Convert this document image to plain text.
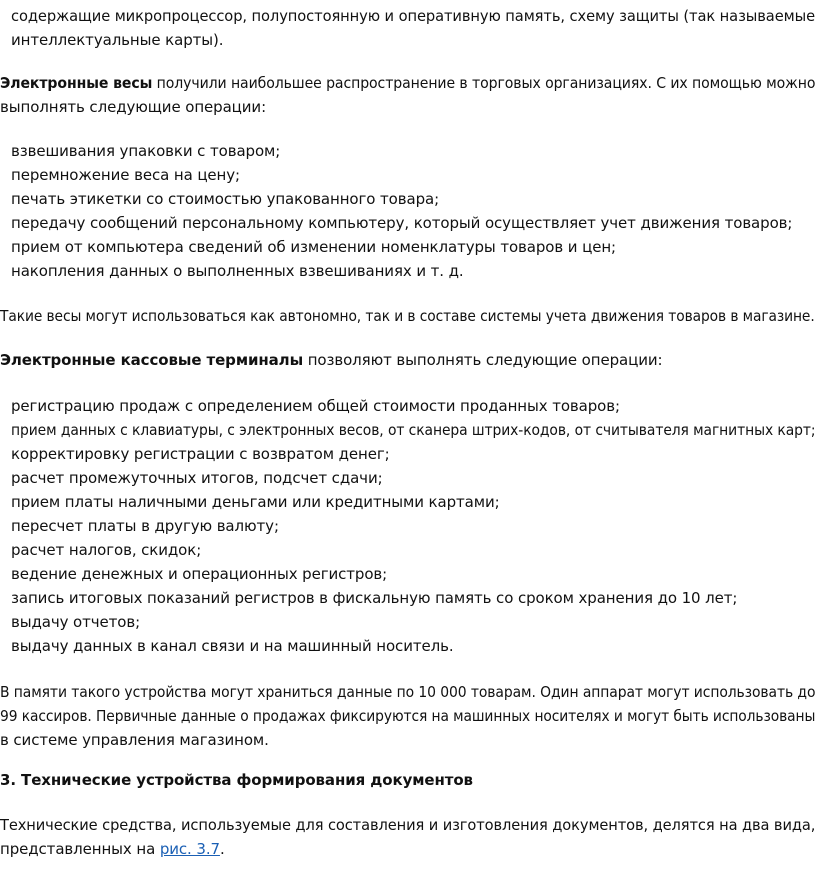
содержащие микропроцессор, полупостоянную и оперативную память, схему защиты (так называемые
интеллектуальные карты).
Электронные весы получили наибольшее распространение в торговых организациях. С их помощью можно
выполнять следующие операции:
взвешивания упаковки с товаром;
перемножение веса на цену;
печать этикетки со стоимостью упакованного товара;
передачу сообщений персональному компьютеру, который осуществляет учет движения товаров;
прием от компьютера сведений об изменении номенклатуры товаров и цен;
накопления данных о выполненных взвешиваниях и т. д.
Такие весы могут использоваться как автономно, так и в составе системы учета движения товаров в магазине.
Электронные кассовые терминалы позволяют выполнять следующие операции:
регистрацию продаж с определением общей стоимости проданных товаров;
прием данных с клавиатуры, с электронных весов, от сканера штрих-кодов, от считывателя магнитных карт;
корректировку регистрации с возвратом денег;
расчет промежуточных итогов, подсчет сдачи;
прием платы наличными деньгами или кредитными картами;
пересчет платы в другую валюту;
расчет налогов, скидок;
ведение денежных и операционных регистров;
запись итоговых показаний регистров в фискальную память со сроком хранения до 10 лет;
выдачу отчетов;
выдачу данных в канал связи и на машинный носитель.
В памяти такого устройства могут храниться данные по 10 000 товарам. Один аппарат могут использовать до
99 кассиров. Первичные данные о продажах фиксируются на машинных носителях и могут быть использованы
в системе управления магазином.
3. Технические устройства формирования документов
Технические средства, используемые для составления и изготовления документов, делятся на два вида,
представленных на рис. 3.7.
